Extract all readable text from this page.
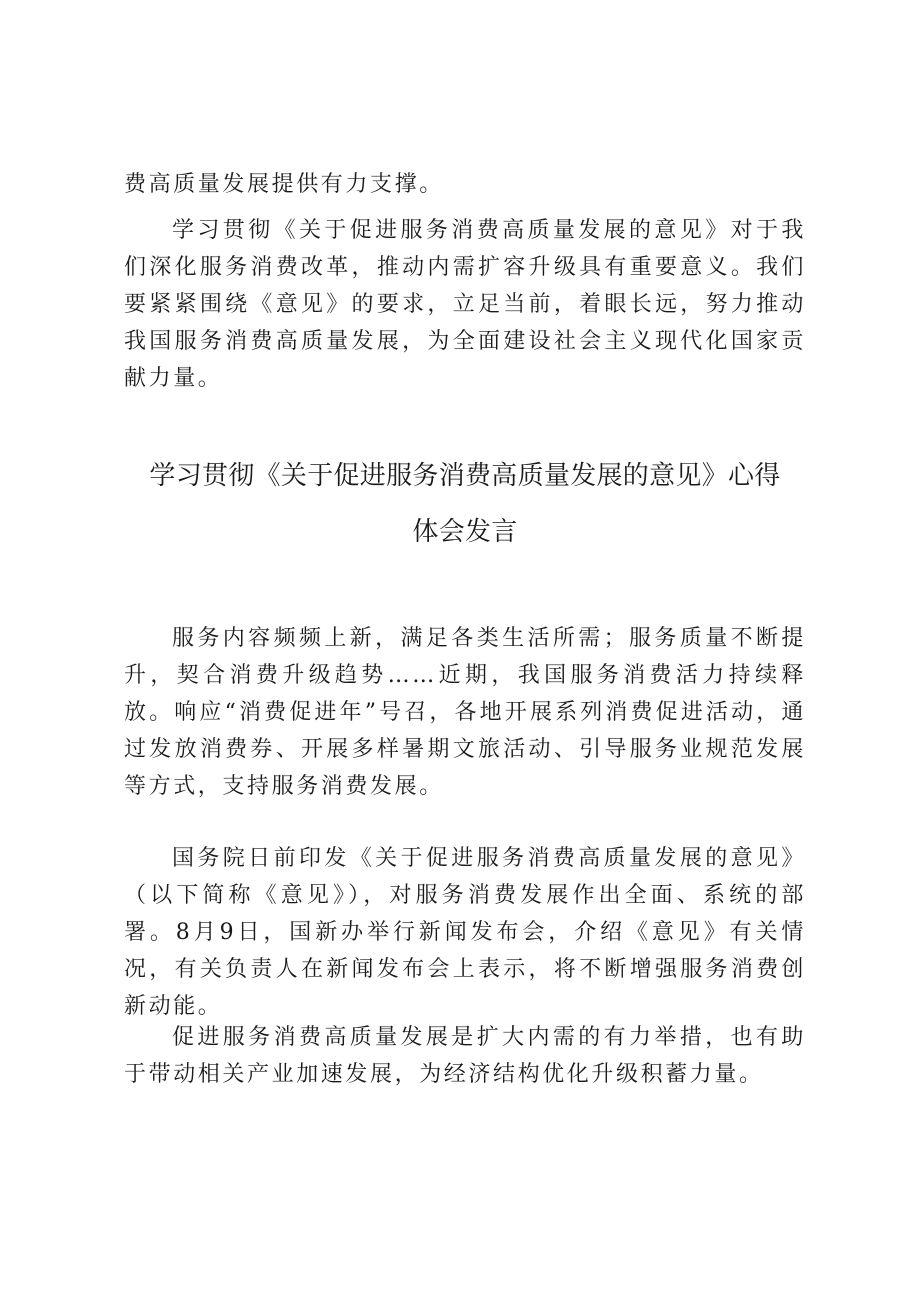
费高质量发展提供有力支撑。

学习贯彻《关于促进服务消费高质量发展的意见》对于我们深化服务消费改革，推动内需扩容升级具有重要意义。我们要紧紧围绕《意见》的要求，立足当前，着眼长远，努力推动我国服务消费高质量发展，为全面建设社会主义现代化国家贡献力量。

学习贯彻《关于促进服务消费高质量发展的意见》心得
体会发言

服务内容频频上新，满足各类生活所需；服务质量不断提升，契合消费升级趋势……近期，我国服务消费活力持续释放。响应“消费促进年”号召，各地开展系列消费促进活动，通过发放消费券、开展多样暑期文旅活动、引导服务业规范发展等方式，支持服务消费发展。

国务院日前印发《关于促进服务消费高质量发展的意见》（以下简称《意见》），对服务消费发展作出全面、系统的部署。8月9日，国新办举行新闻发布会，介绍《意见》有关情况，有关负责人在新闻发布会上表示，将不断增强服务消费创新动能。

促进服务消费高质量发展是扩大内需的有力举措，也有助于带动相关产业加速发展，为经济结构优化升级积蓄力量。
